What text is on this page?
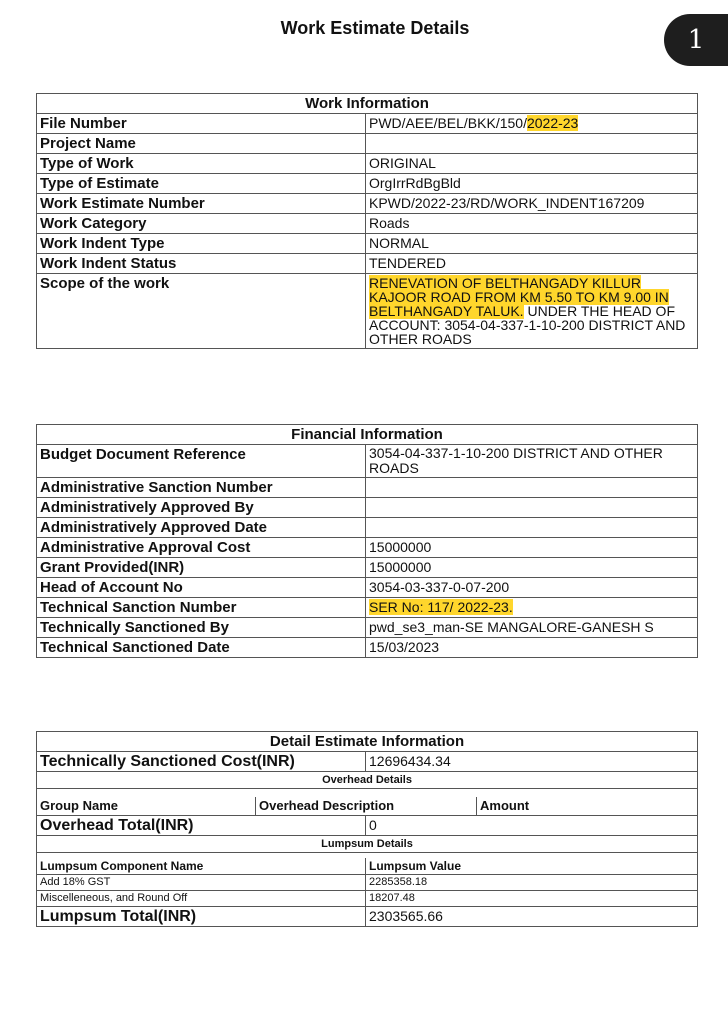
Work Estimate Details	1
Work Information	
File Number	PWD/AEE/BEL/BKK/150/2022-23
Project Name	
Type of Work	ORIGINAL
Type of Estimate	OrgIrrRdBgBld
Work Estimate Number	KPWD/2022-23/RD/WORK_INDENT167209
Work Category	Roads
Work Indent Type	NORMAL
Work Indent Status	TENDERED
Scope of the work	RENEVATION OF BELTHANGADY KILLUR KAJOOR ROAD FROM KM 5.50 TO KM 9.00 IN BELTHANGADY TALUK. UNDER THE HEAD OF ACCOUNT: 3054-04-337-1-10-200 DISTRICT AND OTHER ROADS
Financial Information	
Budget Document Reference	3054-04-337-1-10-200 DISTRICT AND OTHER ROADS
Administrative Sanction Number	
Administratively Approved By	
Administratively Approved Date	
Administrative Approval Cost	15000000
Grant Provided(INR)	15000000
Head of Account No	3054-03-337-0-07-200
Technical Sanction Number	SER No: 117/ 2022-23.
Technically Sanctioned By	pwd_se3_man-SE MANGALORE-GANESH S
Technical Sanctioned Date	15/03/2023
Detail Estimate Information			
Technically Sanctioned Cost(INR)		12696434.34	
Overhead Details			

Group Name	Overhead Description		Amount
Overhead Total(INR)		0	
Lumpsum Details			

Lumpsum Component Name		Lumpsum Value	
Add 18% GST		2285358.18	
Miscelleneous, and Round Off		18207.48	
Lumpsum Total(INR)		2303565.66	
